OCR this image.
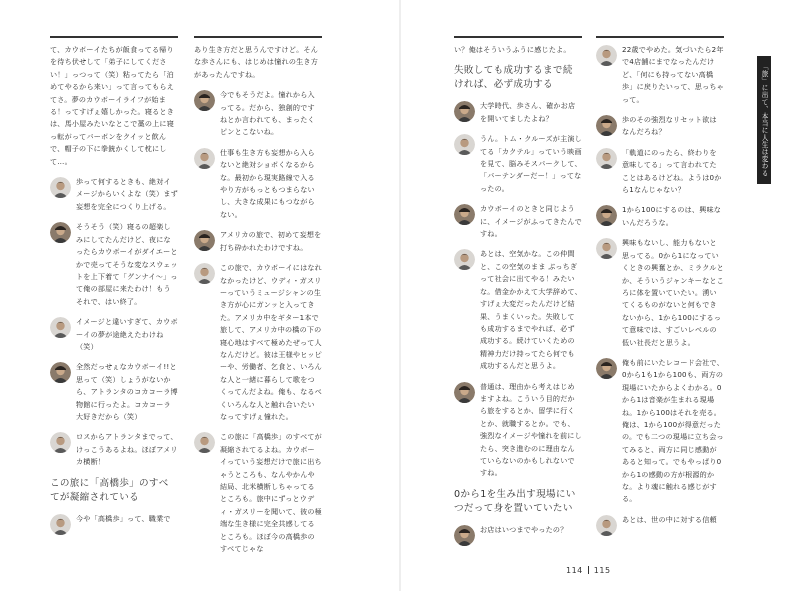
て、カウボーイたちが飯食ってる帰りを待ち伏せして「弟子にしてください！」っつって（笑）粘ってたら「泊めてやるから来い」って言ってもらえてさ。夢のカウボーイライフが始まる！ってすげぇ嬉しかった。寝るときは、馬小屋みたいなとこで藁の上に寝っ転がってバーボンをクイッと飲んで、帽子の下に拳銃かくして枕にして…。
歩って何するときも、絶対イメージからいくよな（笑）まず妄想を完全につくり上げる。
そうそう（笑）寝るの超楽しみにしてたんだけど、夜になったらカウボーイがダイエーとかで売ってそうな変なスウェットを上下着て「グンナイ〜」って俺の部屋に来たわけ！もうそれで、はい終了。
イメージと違いすぎて、カウボーイの夢が途絶えたわけね（笑）
全然だっせぇなカウボーイ!!と思って（笑）しょうがないから、アトランタのコカコーラ博物館に行ったよ。コカコーラ大好きだから（笑）
ロスからアトランタまでって、けっこうあるよね。ほぼアメリカ横断！
この旅に「高橋歩」のすべてが凝縮されている
今や「高橋歩」って、職業で
あり生き方だと思うんですけど。そんな歩さんにも、はじめは憧れの生き方があったんですね。
今でもそうだよ。憧れから入ってる。だから、独創的ですねとか言われても、まったくピンとこないね。
仕事も生き方も妄想から入らないと絶対ショボくなるからな。最初から現実路線で入るやり方がもっともつまらないし、大きな成果にもつながらない。
アメリカの旅で、初めて妄想を打ち砕かれたわけですね。
この旅で、カウボーイにはなれなかったけど、ウディ・ガスリーっていうミュージシャンの生き方が心にガンッと入ってきた。アメリカ中をギター1本で旅して、アメリカ中の橋の下の寝心地はすべて極めたぜって人なんだけど。彼は王様やヒッピーや、労働者、乞食と、いろんな人と一緒に暮らして歌をつくってんだよね。俺も、なるべくいろんな人と触れ合いたいなってすげぇ憧れた。
この旅に「高橋歩」のすべてが凝縮されてるよね。カウボーイっていう妄想だけで旅に出ちゃうところも、なんやかんや結局、北米横断しちゃってるところも。旅中にずっとウディ・ガスリーを聞いて、彼の極端な生き様に完全共感してるところも。ほぼ今の高橋歩のすべてじゃな
い？俺はそういうふうに感じたよ。
失敗しても成功するまで続ければ、必ず成功する
大学時代、歩さん、確かお店を開いてましたよね？
うん。トム・クルーズが主演してる「カクテル」っていう映画を見て、脳みそスパークして、「バーテンダーだー！」ってなったの。
カウボーイのときと同じように、イメージがふってきたんですね。
あとは、空気かな。この仲間と、この空気のまま ぶっちぎって社会に出てやる！みたいな。借金かかえて大学辞めて、すげぇ大変だったんだけど結果、うまくいった。失敗しても成功するまでやれば、必ず成功する。続けていくための精神力だけ持ってたら何でも成功するんだと思うよ。
普通は、理由から考えはじめますよね。こういう目的だから旅をするとか、留学に行くとか、就職するとか。でも、強烈なイメージや憧れを前にしたら、突き進むのに理由なんていらないのかもしれないですね。
0から1を生み出す現場にいつだって身を置いていたい
お店はいつまでやったの？
22歳でやめた。気づいたら2年で4店舗にまでなったんだけど、「何にも持ってない高橋歩」に戻りたいって、思っちゃって。
歩のその強烈なリセット欲はなんだろね？
「軌道にのったら、終わりを意味してる」って言われてたことはあるけどね。ようは0から1なんじゃない？
1から100にするのは、興味ないんだろうな。
興味もないし、能力もないと思ってる。0から1になっていくときの興奮とか、ミラクルとか、そういうジャンキーなところに体を置いていたい。湧いてくるものがないと何もできないから、1から100にするって意味では、すごいレベルの低い社長だと思うよ。
俺も前にいたレコード会社で、0から1も1から100も、両方の現場にいたからよくわかる。0から1は音楽が生まれる現場ね。1から100はそれを売る。俺は、1から100が得意だったの。でも二つの現場に立ち会ってみると、両方に同じ感動があると知って。でもやっぱり0から1の感動の方が根源的かな。より魂に触れる感じがする。
あとは、世の中に対する信頼
「旅」に出て、本当に人生は変わるのか？
114 115
